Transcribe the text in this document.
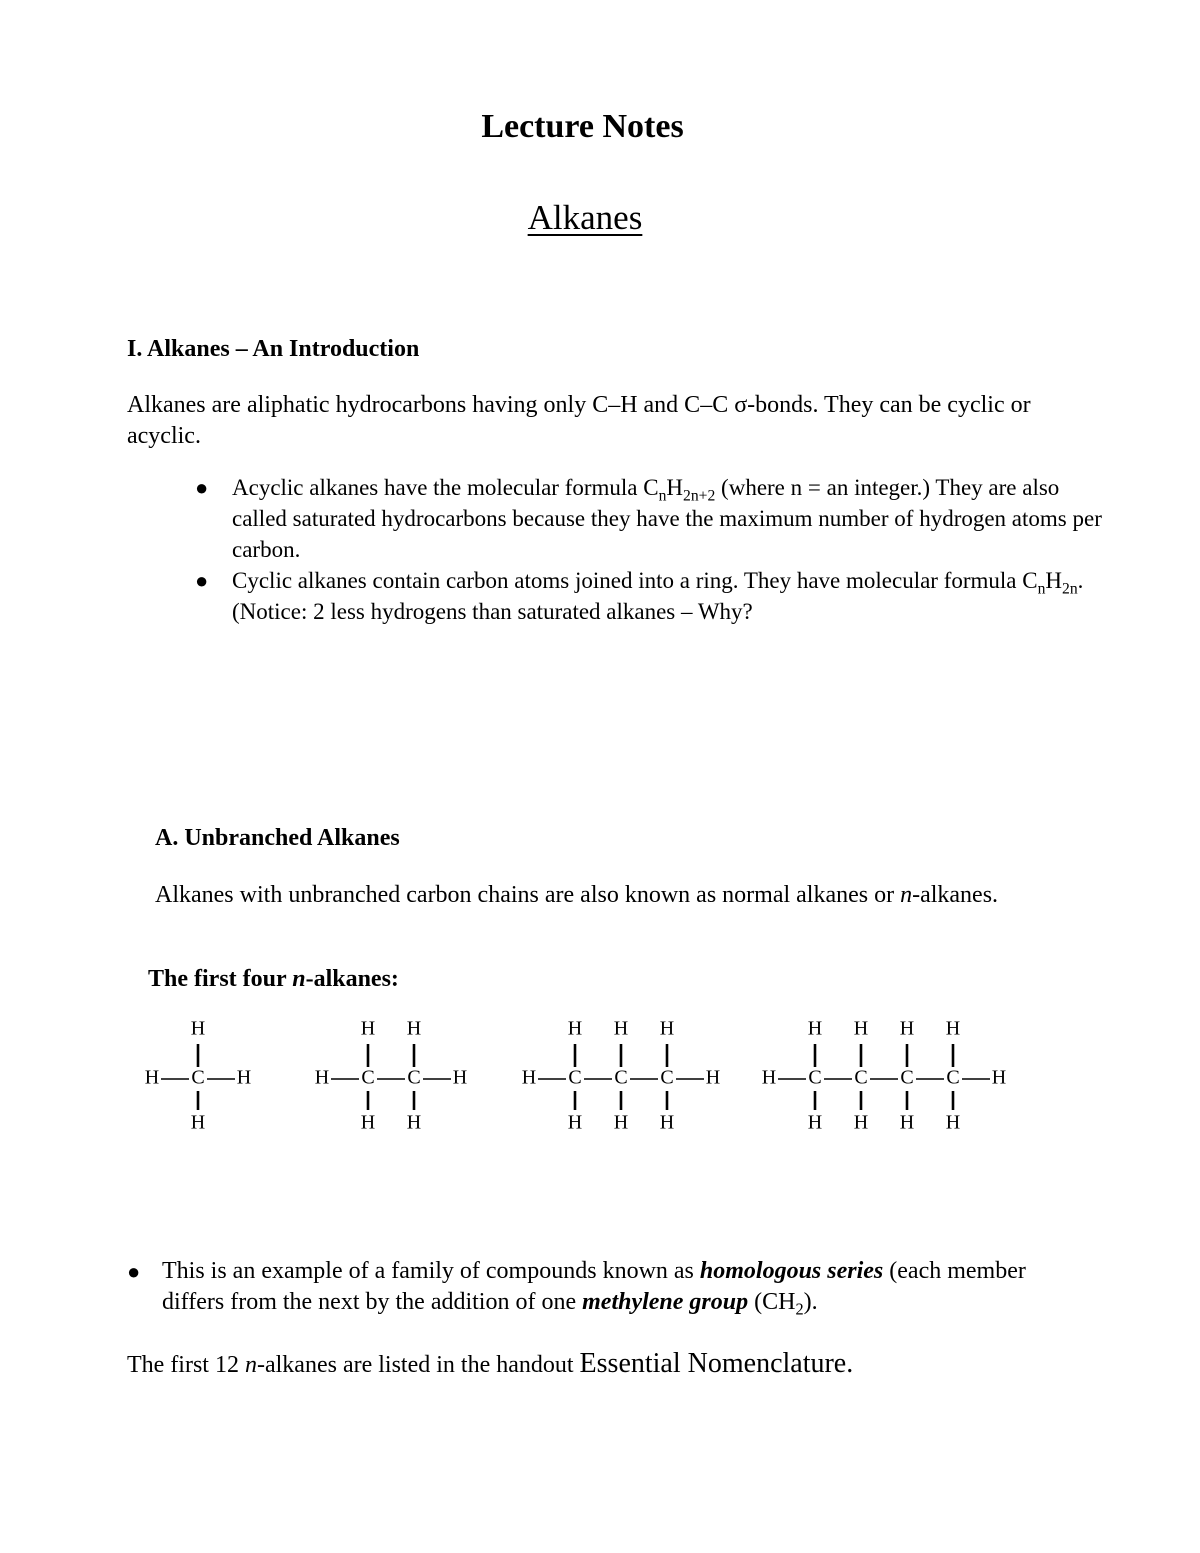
Lecture Notes
Alkanes
I. Alkanes – An Introduction

Alkanes are aliphatic hydrocarbons having only C–H and C–C σ-bonds. They can be cyclic or acyclic.

● Acyclic alkanes have the molecular formula $C_nH_{2n+2}$ (where n = an integer.) They are also called saturated hydrocarbons because they have the maximum number of hydrogen atoms per carbon.
● Cyclic alkanes contain carbon atoms joined into a ring. They have molecular formula $C_nH_{2n}$. (Notice: 2 less hydrogens than saturated alkanes – Why?
A. Unbranched Alkanes

Alkanes with unbranched carbon chains are also known as normal alkanes or n-alkanes.

The first four n-alkanes:
H C
H
H
H	H C
H
H
C
H
H
H	H C
H
H
C
H
H
C
H
H
H H C
H
H
C
H
H
C
H
H
C
H
H
H
● This is an example of a family of compounds known as homologous series (each member differs from the next by the addition of one methylene group $(CH_2)$.
The first 12 n-alkanes are listed in the handout Essential Nomenclature.
